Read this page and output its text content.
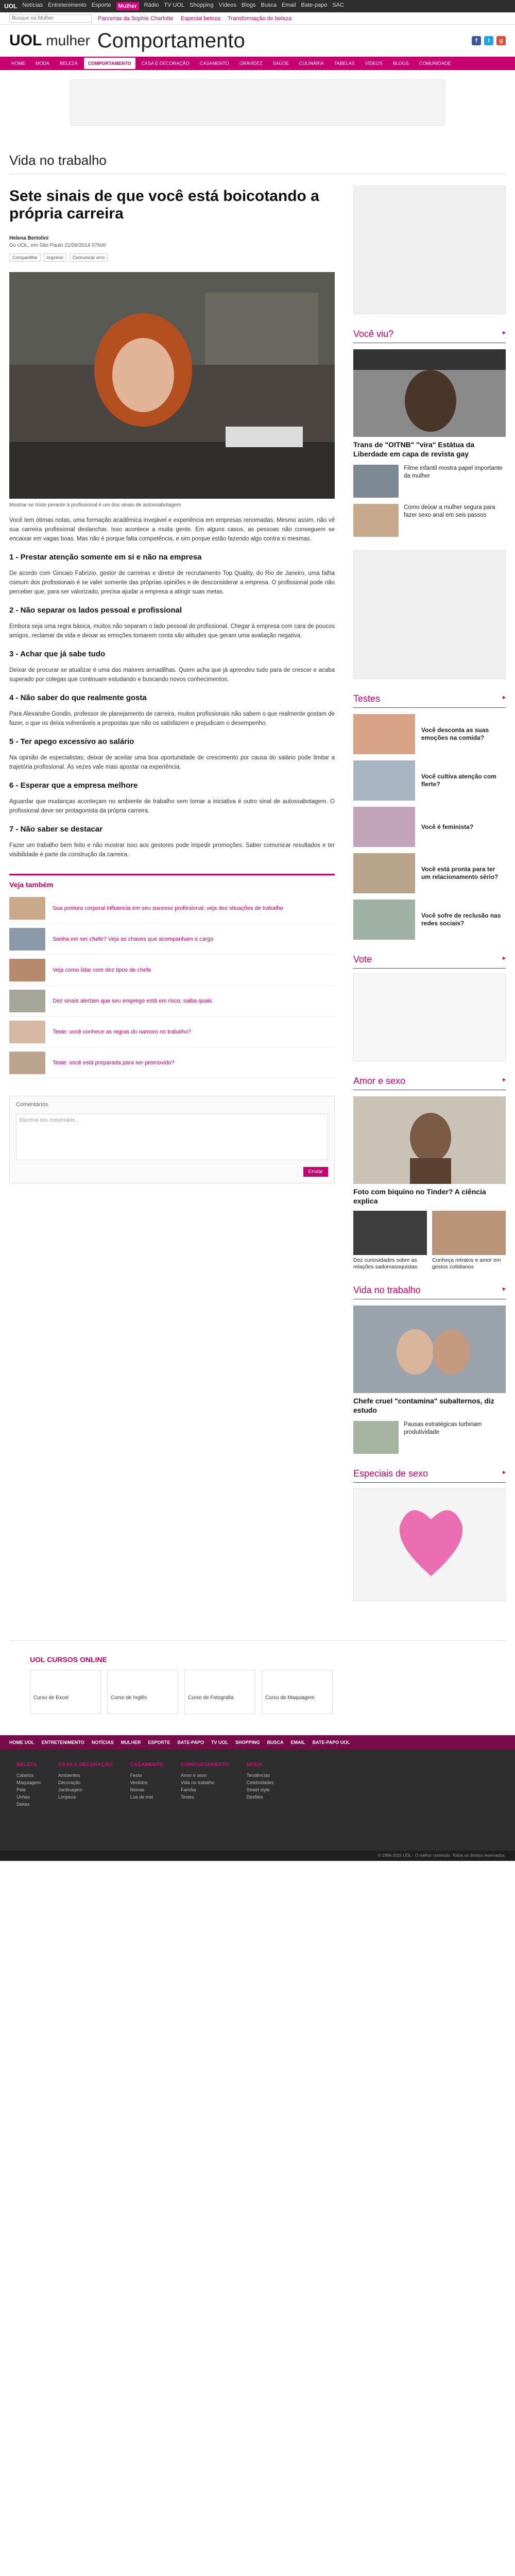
UOL Notícias Entretenimento Esporte	Mulher	Rádio TV UOL Shopping Vídeos Blogs Busca Email Bate-papo SAC
Busque no Mulher
Parcerias da Sophie Charlotte Especial beleza Transformação de beleza
UOL mulher Comportamento	f	t	g
HOME	MODA	BELEZA	COMPORTAMENTO	CASA E DECORAÇÃO	CASAMENTO	GRAVIDEZ	SAÚDE	CULINÁRIA	TABELAS	VÍDEOS	BLOGS	COMUNIDADE
Vida no trabalho
Sete sinais de que você está boicotando a própria carreira
Helena Bertolini
Do UOL, em São Paulo 21/08/2014 07h00
Compartilhe	Imprimir	Comunicar erro
Mostrar-se triste perante à profissional é um dos sinais de autossabotagem

Você tem ótimas notas, uma formação acadêmica invejável e experiência em empresas renomadas. Mesmo assim, não vê sua carreira profissional deslanchar. Isso acontece a muita gente. Em alguns casos, as pessoas não conseguem se encaixar em vagas boas. Mas não é porque falta competência, e sim porque estão fazendo algo contra si mesmas.

1 - Prestar atenção somente em si e não na empresa

De acordo com Gincaio Fabrizio, gestor de carreiras e diretor de recrutamento Top Quality, do Rio de Janeiro, uma falha comum dos profissionais é se valer somente das próprias opiniões e de desconsiderar a empresa. O profissional pode não perceber que, para ser valorizado, precisa ajudar a empresa a atingir suas metas.

2 - Não separar os lados pessoal e profissional

Embora seja uma regra básica, muitos não separam o lado pessoal do profissional. Chegar à empresa com cara de poucos amigos, reclamar da vida e deixar as emoções tomarem conta são atitudes que geram uma avaliação negativa.

3 - Achar que já sabe tudo

Deixar de procurar se atualizar é uma das maiores armadilhas. Quem acha que já aprendeu tudo para de crescer e acaba superado por colegas que continuam estudando e buscando novos conhecimentos.

4 - Não saber do que realmente gosta

Para Alexandre Gondin, professor de planejamento de carreira, muitos profissionais não sabem o que realmente gostam de fazer, o que os deixa vulneráveis a propostas que não os satisfazem e prejudicam o desempenho.

5 - Ter apego excessivo ao salário

Na opinião de especialistas, deixar de aceitar uma boa oportunidade de crescimento por causa do salário pode limitar a trajetória profissional. Às vezes vale mais apostar na experiência.

6 - Esperar que a empresa melhore

Aguardar que mudanças aconteçam no ambiente de trabalho sem tomar a iniciativa é outro sinal de autossabotagem. O profissional deve ser protagonista da própria carreira.

7 - Não saber se destacar

Fazer um trabalho bem feito e não mostrar isso aos gestores pode impedir promoções. Saber comunicar resultados e ter visibilidade é parte da construção da carreira.

Veja também
Sua postura corporal influencia em seu sucesso profissional; veja dez situações de trabalho
Sonha em ser chefe? Veja as chaves que acompanham o cargo
Veja como lidar com dez tipos de chefe
Dez sinais alertam que seu emprego está em risco; saiba quais
Teste: você conhece as regras do namoro no trabalho?
Teste: você está preparada para ser promovido?
Comentários
Escreva seu comentário...
Enviar
Você viu?	▸
Trans de "OITNB" "vira" Estátua da Liberdade em capa de revista gay
Filme infantil mostra papel importante da mulher
Como deixar a mulher segura para fazer sexo anal em seis passos
Testes	▸
Você desconta as suas emoções na comida?
Você cultiva atenção com flerte?
Você é feminista?
Você está pronta para ter um relacionamento sério?
Você sofre de reclusão nas redes sociais?
Vote	▸
Amor e sexo	▸
Foto com biquíno no Tinder? A ciência explica
Dez curiosidades sobre as relações sadomasoquistas
Conheça retratos e amor em gestos cotidianos
Vida no trabalho	▸
Chefe cruel "contamina" subalternos, diz estudo
Pausas estratégicas turbinam produtividade
Especiais de sexo	▸
UOL CURSOS ONLINE
Curso de Excel	Curso de Inglês	Curso de Fotografia	Curso de Maquiagem
HOME UOL ENTRETENIMENTO NOTÍCIAS MULHER ESPORTE BATE-PAPO TV UOL SHOPPING BUSCA EMAIL BATE-PAPO UOL
BELEZA
Cabelos
Maquiagem
Pele
Unhas
Dietas
CASA E DECORAÇÃO
Ambientes
Decoração
Jardinagem
Limpeza
CASAMENTO
Festa
Vestidos
Noivas
Lua de mel
COMPORTAMENTO
Amor e sexo
Vida no trabalho
Família
Testes
MODA
Tendências
Celebridades
Street style
Desfiles
© 1996-2015 UOL - O melhor conteúdo. Todos os direitos reservados.
